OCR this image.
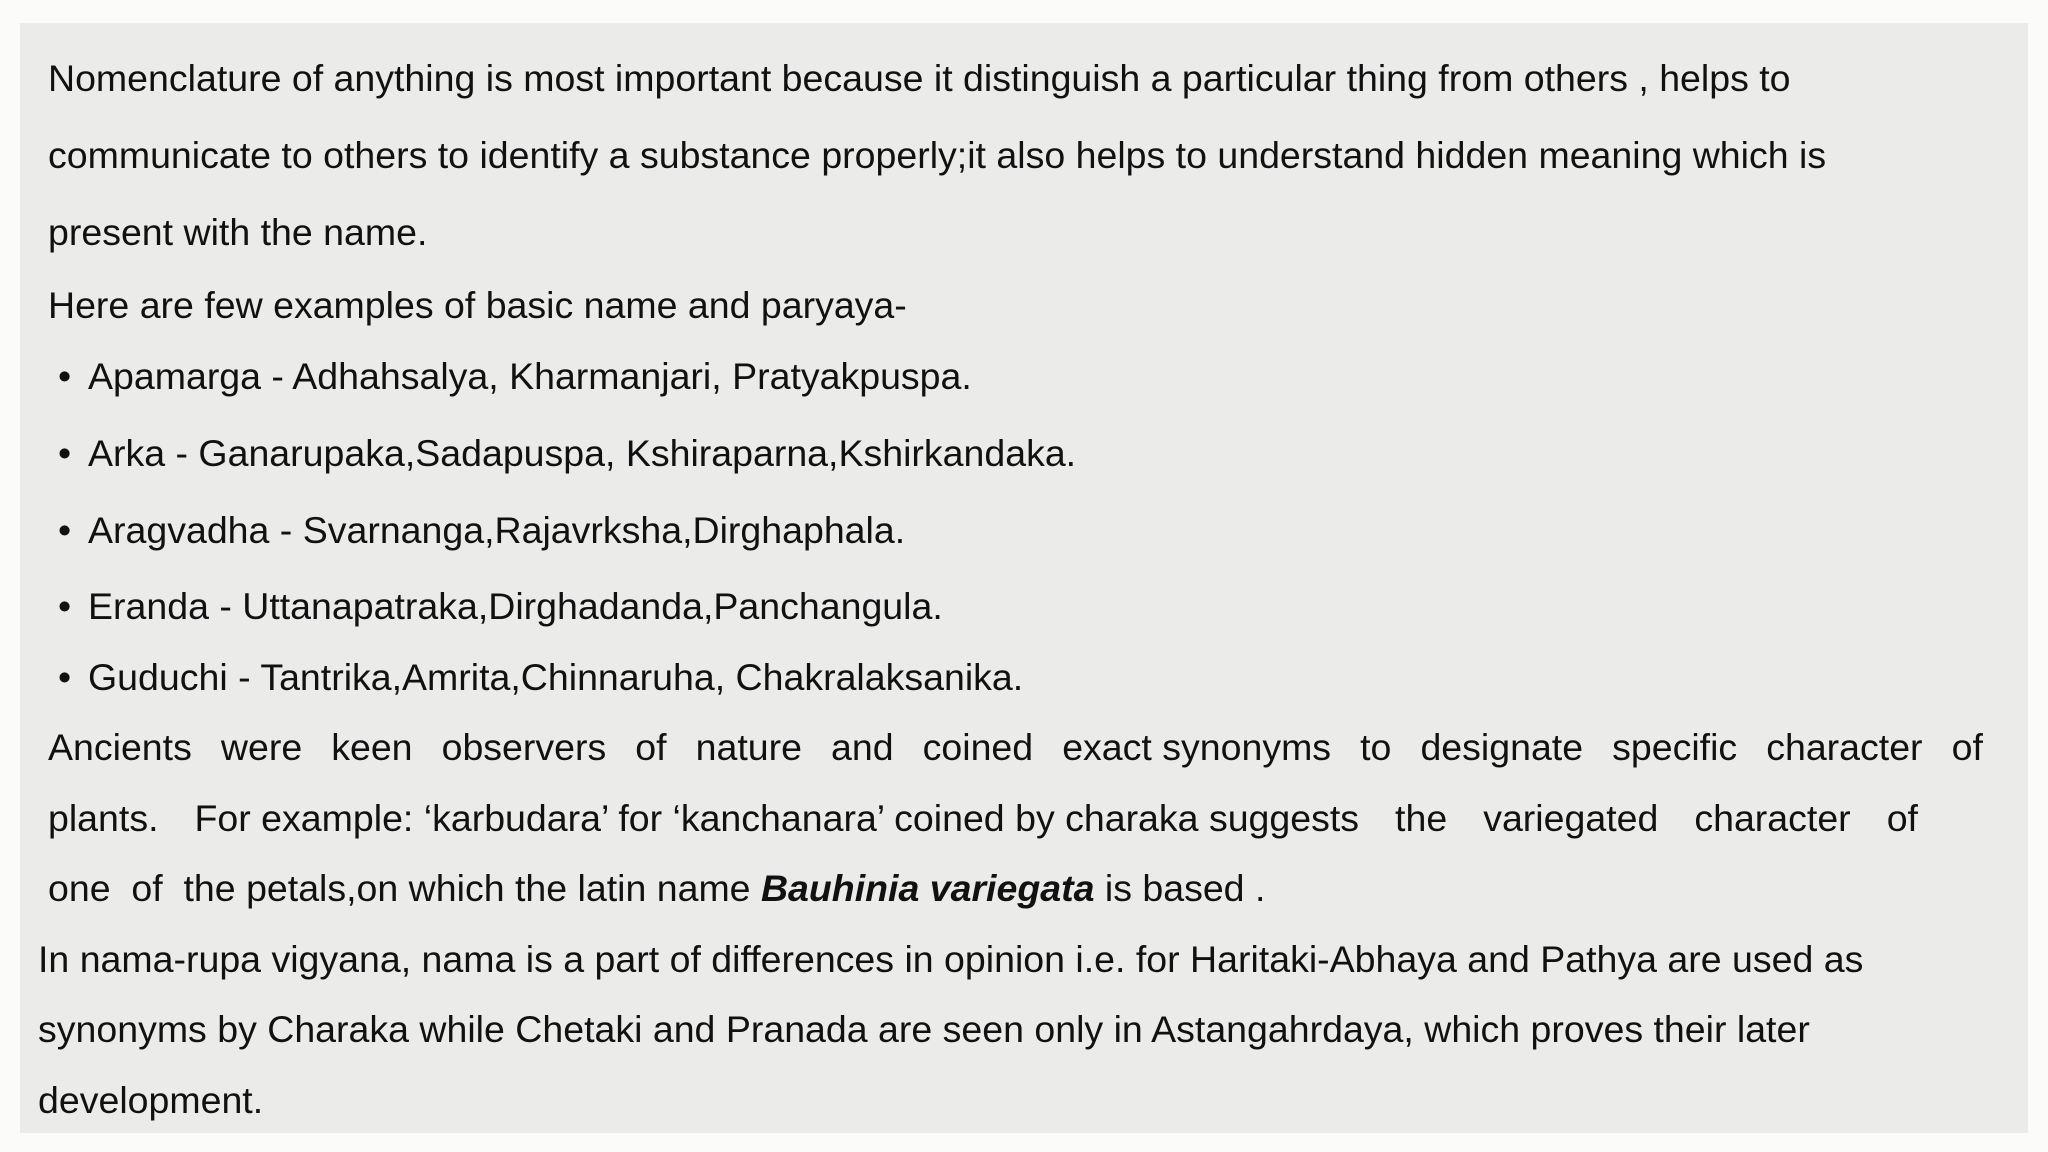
Nomenclature of anything is most important because it distinguish a particular thing from others , helps to
communicate to others to identify a substance properly;it also helps to understand hidden meaning which is
present with the name.
Here are few examples of basic name and paryaya-
• Apamarga - Adhahsalya, Kharmanjari, Pratyakpuspa.
• Arka - Ganarupaka,Sadapuspa, Kshiraparna,Kshirkandaka.
• Aragvadha - Svarnanga,Rajavrksha,Dirghaphala.
• Eranda - Uttanapatraka,Dirghadanda,Panchangula.
• Guduchi - Tantrika,Amrita,Chinnaruha, Chakralaksanika.
Ancients were keen observers of nature and coined exact synonyms to designate specific character of
plants. For example: ‘karbudara’ for ‘kanchanara’ coined by charaka suggests the variegated character of
one  of  the petals,on which the latin name Bauhinia variegata is based .
In nama-rupa vigyana, nama is a part of differences in opinion i.e. for Haritaki-Abhaya and Pathya are used as
synonyms by Charaka while Chetaki and Pranada are seen only in Astangahrdaya, which proves their later
development.
